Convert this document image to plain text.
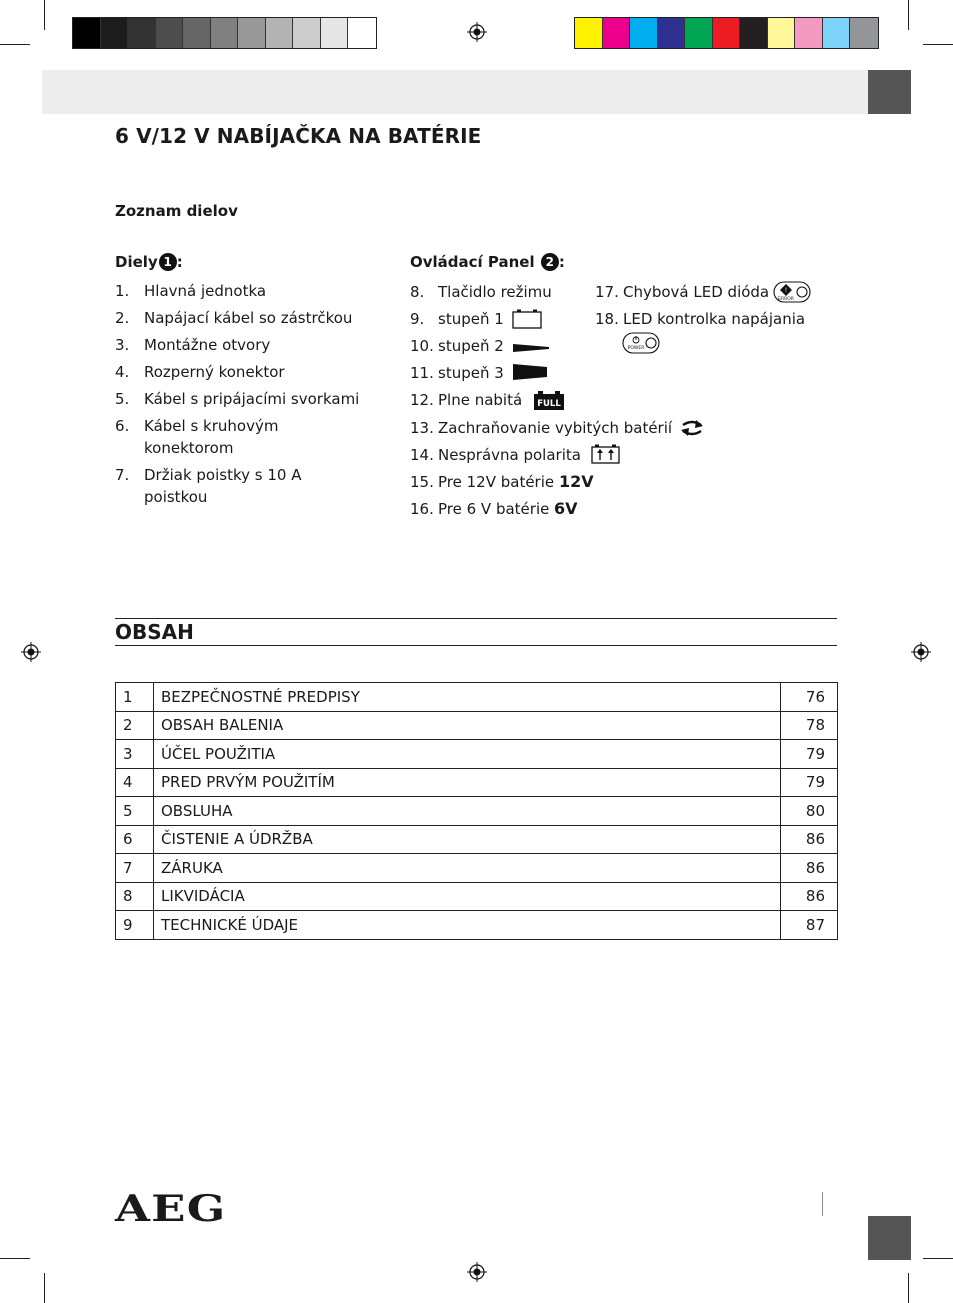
6 V/12 V NABÍJAČKA NA BATÉRIE
Zoznam dielov
Diely 1 :
1. Hlavná jednotka
2. Napájací kábel so zástrčkou
3. Montážne otvory
4. Rozperný konektor
5. Kábel s pripájacími svorkami
6. Kábel s kruhovým
konektorom
7. Držiak poistky s 10 A
poistkou
Ovládací Panel 2 :
8. Tlačidlo režimu
9. stupeň 1
10. stupeň 2
11. stupeň 3
12. Plne nabitá
13. Zachraňovanie vybitých batérií
14. Nesprávna polarita
15. Pre 12V batérie
16. Pre 6 V batérie
FULL
12V
6V
17. Chybová LED dióda
18. LED kontrolka napájania
!
ERROR
POWER
OBSAH
1	BEZPEČNOSTNÉ PREDPISY	76
2	OBSAH BALENIA	78
3	ÚČEL POUŽITIA	79
4	PRED PRVÝM POUŽITÍM	79
5	OBSLUHA	80
6	ČISTENIE A ÚDRŽBA	86
7	ZÁRUKA	86
8	LIKVIDÁCIA	86
9	TECHNICKÉ ÚDAJE	87
AEG
